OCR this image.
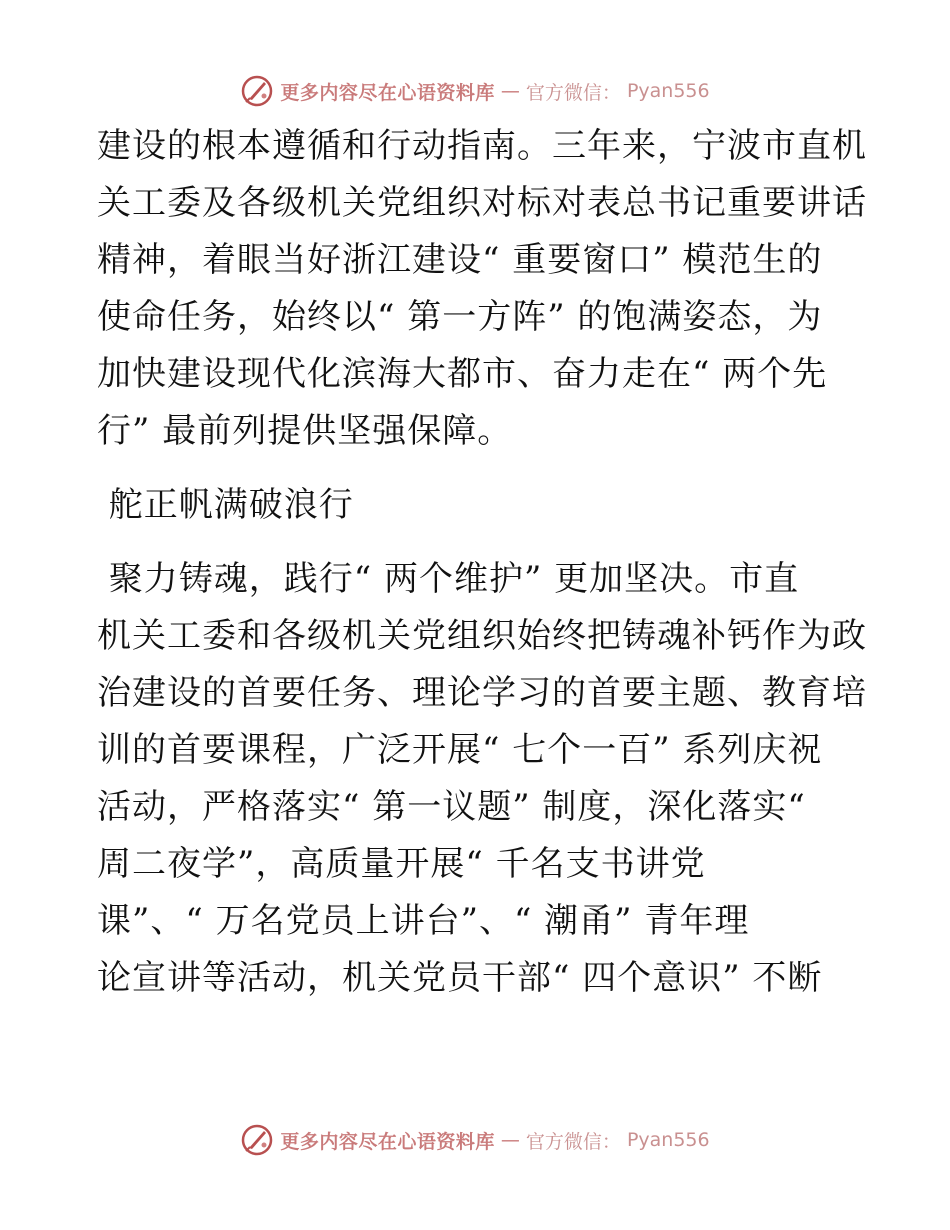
更多内容尽在心语资料库 — 官方微信： Pyan556

建设的根本遵循和行动指南。三年来，宁波市直机
关工委及各级机关党组织对标对表总书记重要讲话
精神，着眼当好浙江建设“ 重要窗口” 模范生的
使命任务，始终以“ 第一方阵” 的饱满姿态，为
加快建设现代化滨海大都市、奋力走在“ 两个先
行” 最前列提供坚强保障。

舵正帆满破浪行

聚力铸魂，践行“ 两个维护” 更加坚决。市直
机关工委和各级机关党组织始终把铸魂补钙作为政
治建设的首要任务、理论学习的首要主题、教育培
训的首要课程，广泛开展“ 七个一百” 系列庆祝
活动，严格落实“ 第一议题” 制度，深化落实“
周二夜学”，高质量开展“ 千名支书讲党
课”、“ 万名党员上讲台”、“ 潮甬” 青年理
论宣讲等活动，机关党员干部“ 四个意识” 不断

更多内容尽在心语资料库 — 官方微信： Pyan556
